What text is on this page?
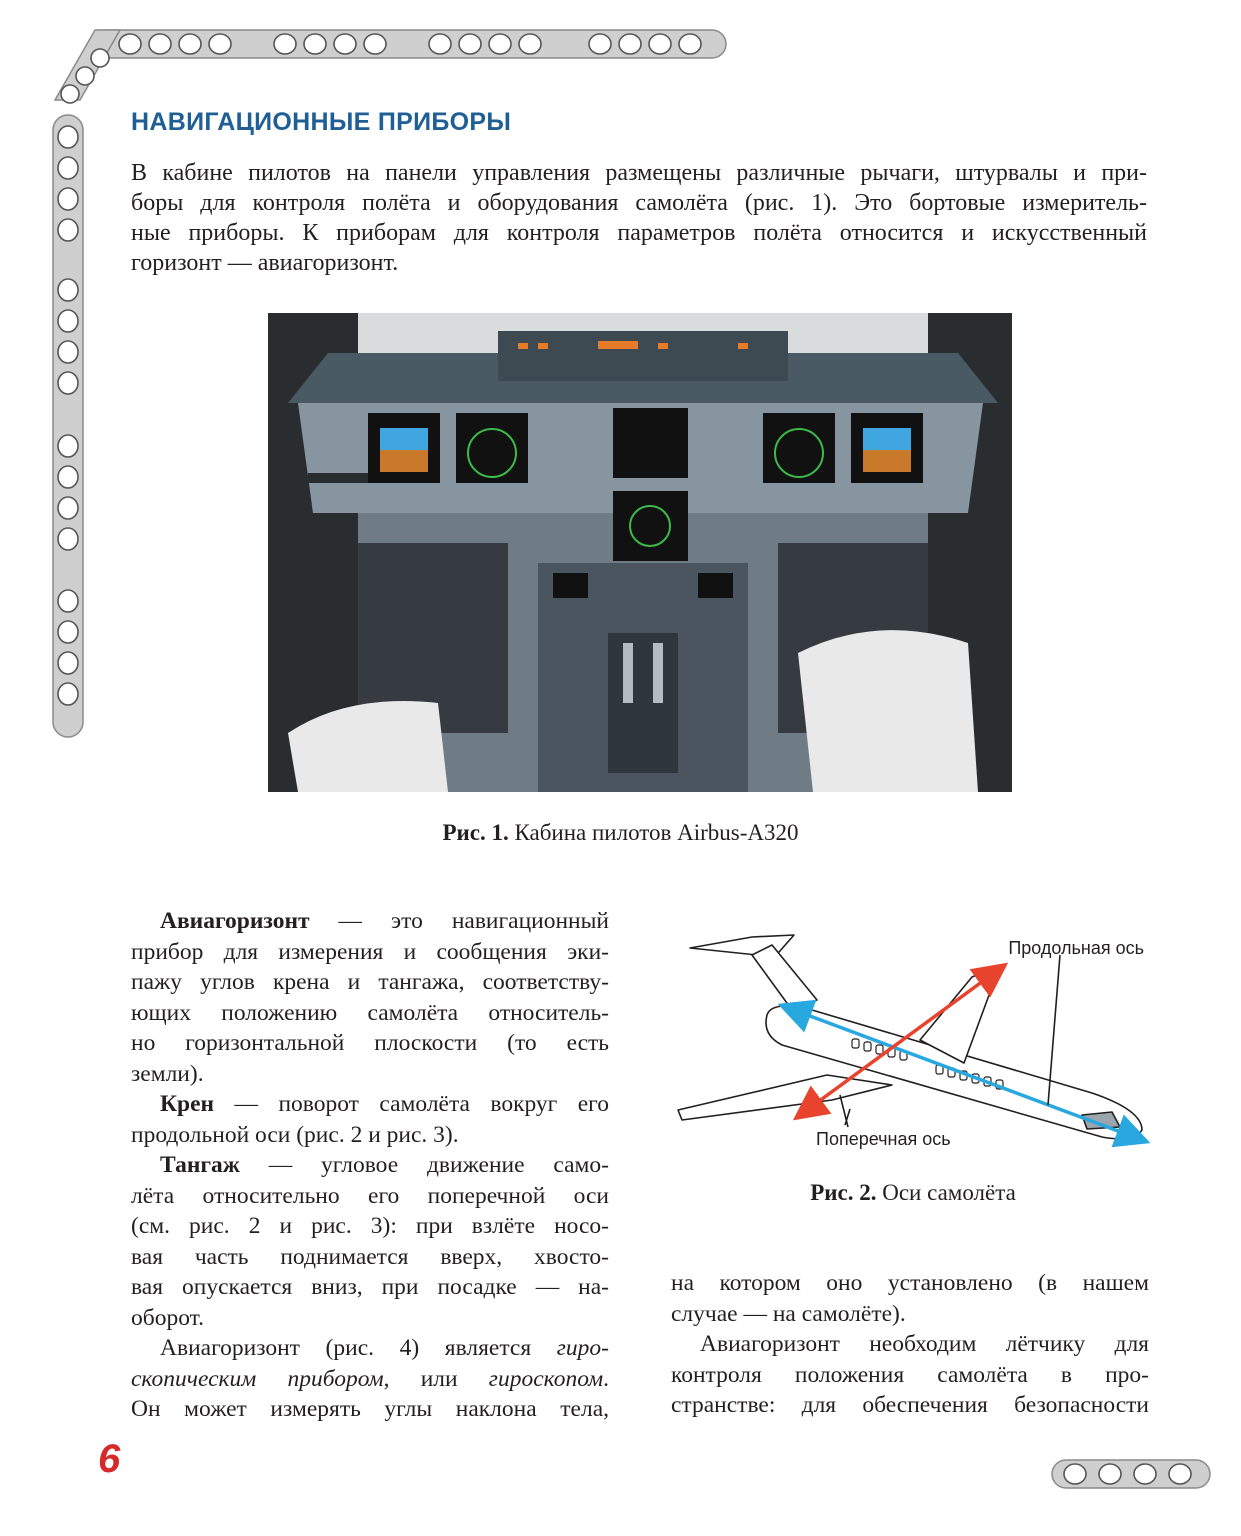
НАВИГАЦИОННЫЕ ПРИБОРЫ
В кабине пилотов на панели управления размещены различные рычаги, штурвалы и при-
боры для контроля полёта и оборудования самолёта (рис. 1). Это бортовые измеритель-
ные приборы. К приборам для контроля параметров полёта относится и искусственный
горизонт — авиагоризонт.
Рис. 1. Кабина пилотов Airbus-A320
Авиагоризонт — это навигационный
прибор для измерения и сообщения эки-
пажу углов крена и тангажа, соответству-
ющих положению самолёта относитель-
но горизонтальной плоскости (то есть
земли).
Крен — поворот самолёта вокруг его
продольной оси (рис. 2 и рис. 3).
Тангаж — угловое движение само-
лёта относительно его поперечной оси
(см. рис. 2 и рис. 3): при взлёте носо-
вая часть поднимается вверх, хвосто-
вая опускается вниз, при посадке — на-
оборот.
Авиагоризонт (рис. 4) является гиро-
скопическим прибором, или гироскопом.
Он может измерять углы наклона тела,
Продольная ось
Поперечная ось
Рис. 2. Оси самолёта
на котором оно установлено (в нашем
случае — на самолёте).
Авиагоризонт необходим лётчику для
контроля положения самолёта в про-
странстве: для обеспечения безопасности
6
